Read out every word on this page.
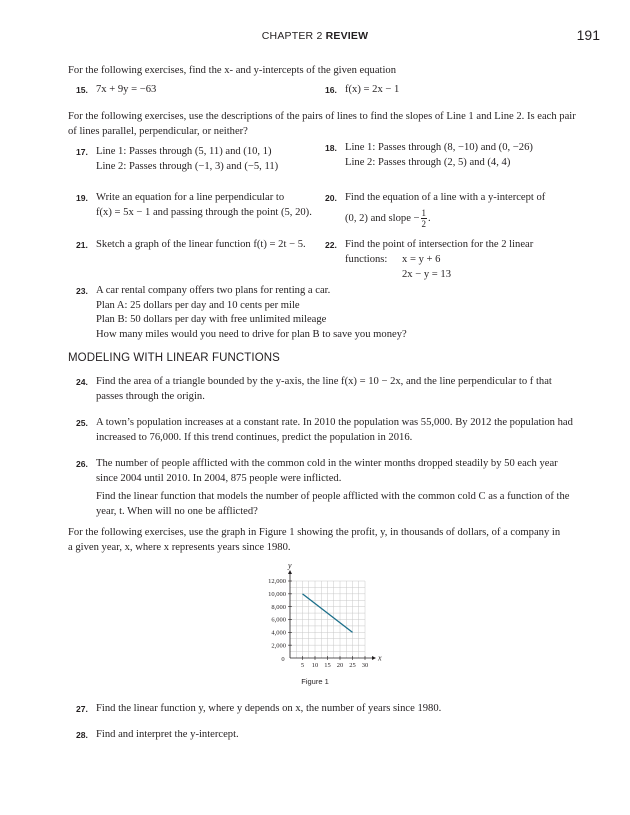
CHAPTER 2 REVIEW	191
For the following exercises, find the x- and y-intercepts of the given equation
15. 7x + 9y = −63	16. f(x) = 2x − 1
For the following exercises, use the descriptions of the pairs of lines to find the slopes of Line 1 and Line 2. Is each pair
of lines parallel, perpendicular, or neither?
17. Line 1: Passes through (5, 11) and (10, 1)
Line 2: Passes through (−1, 3) and (−5, 11)
18. Line 1: Passes through (8, −10) and (0, −26)
Line 2: Passes through (2, 5) and (4, 4)
19. Write an equation for a line perpendicular to
f(x) = 5x − 1 and passing through the point (5, 20).
20. Find the equation of a line with a y-intercept of
(0, 2) and slope − $\frac{1}{2}$ .
21. Sketch a graph of the linear function f(t) = 2t − 5. 22. Find the point of intersection for the 2 linear
functions: x = y + 6
2x − y = 13
23. A car rental company offers two plans for renting a car.
Plan A: 25 dollars per day and 10 cents per mile
Plan B: 50 dollars per day with free unlimited mileage
How many miles would you need to drive for plan B to save you money?
MODELING WITH LINEAR FUNCTIONS
24. Find the area of a triangle bounded by the y-axis, the line f(x) = 10 − 2x, and the line perpendicular to f that
passes through the origin.
25. A town’s population increases at a constant rate. In 2010 the population was 55,000. By 2012 the population had
increased to 76,000. If this trend continues, predict the population in 2016.
26. The number of people afflicted with the common cold in the winter months dropped steadily by 50 each year
since 2004 until 2010. In 2004, 875 people were inflicted.
Find the linear function that models the number of people afflicted with the common cold C as a function of the
year, t. When will no one be afflicted?
For the following exercises, use the graph in Figure 1 showing the profit, y, in thousands of dollars, of a company in
a given year, x, where x represents years since 1980.
x
y
0
5 10 15 20 25 30
2,000
4,000
6,000
8,000
10,000
12,000
Figure 1
27. Find the linear function y, where y depends on x, the number of years since 1980.
28. Find and interpret the y-intercept.
